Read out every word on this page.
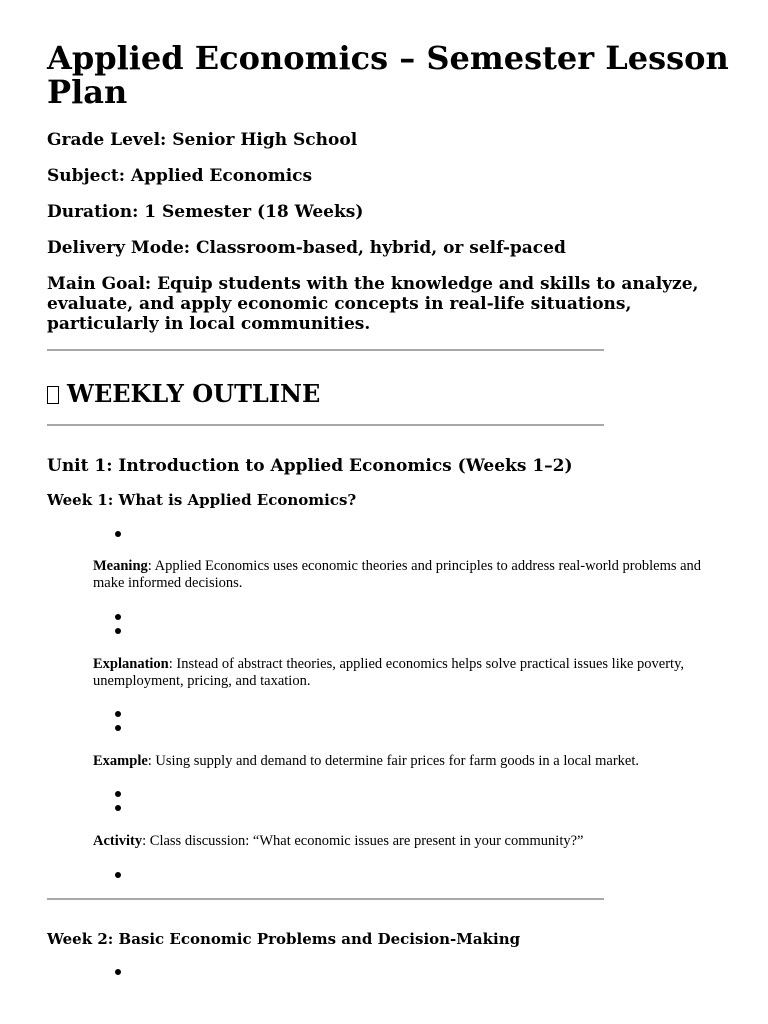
Applied Economics – Semester Lesson Plan

Grade Level: Senior High School

Subject: Applied Economics

Duration: 1 Semester (18 Weeks)

Delivery Mode: Classroom-based, hybrid, or self-paced

Main Goal: Equip students with the knowledge and skills to analyze, evaluate, and apply economic concepts in real-life situations, particularly in local communities.

WEEKLY OUTLINE
Unit 1: Introduction to Applied Economics (Weeks 1–2)
Week 1: What is Applied Economics?

Meaning: Applied Economics uses economic theories and principles to address real-world problems and make informed decisions.

Explanation: Instead of abstract theories, applied economics helps solve practical issues like poverty, unemployment, pricing, and taxation.

Example: Using supply and demand to determine fair prices for farm goods in a local market.

Activity: Class discussion: “What economic issues are present in your community?”

Week 2: Basic Economic Problems and Decision-Making
